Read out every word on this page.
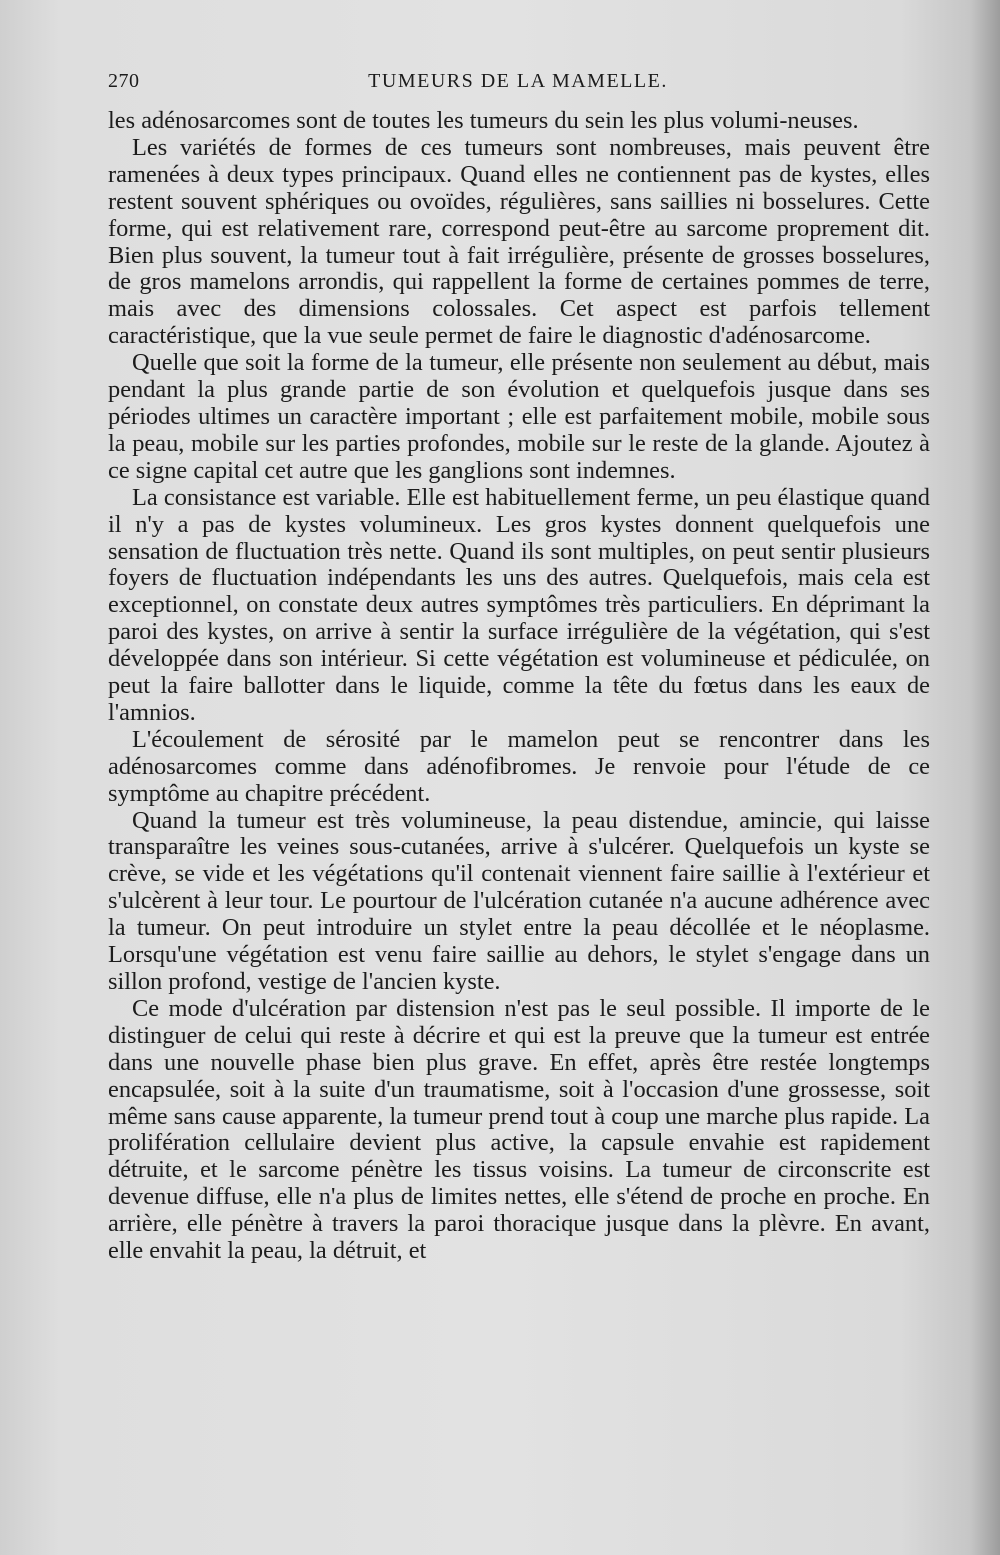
270	TUMEURS DE LA MAMELLE.

les adénosarcomes sont de toutes les tumeurs du sein les plus volumi-neuses.

Les variétés de formes de ces tumeurs sont nombreuses, mais peuvent être ramenées à deux types principaux. Quand elles ne contiennent pas de kystes, elles restent souvent sphériques ou ovoïdes, régulières, sans saillies ni bosselures. Cette forme, qui est relativement rare, correspond peut-être au sarcome proprement dit. Bien plus souvent, la tumeur tout à fait irrégulière, présente de grosses bosselures, de gros mamelons arrondis, qui rappellent la forme de certaines pommes de terre, mais avec des dimensions colossales. Cet aspect est parfois tellement caractéristique, que la vue seule permet de faire le diagnostic d'adénosarcome.

Quelle que soit la forme de la tumeur, elle présente non seulement au début, mais pendant la plus grande partie de son évolution et quelquefois jusque dans ses périodes ultimes un caractère important ; elle est parfaitement mobile, mobile sous la peau, mobile sur les parties profondes, mobile sur le reste de la glande. Ajoutez à ce signe capital cet autre que les ganglions sont indemnes.

La consistance est variable. Elle est habituellement ferme, un peu élastique quand il n'y a pas de kystes volumineux. Les gros kystes donnent quelquefois une sensation de fluctuation très nette. Quand ils sont multiples, on peut sentir plusieurs foyers de fluctuation indépendants les uns des autres. Quelquefois, mais cela est exceptionnel, on constate deux autres symptômes très particuliers. En déprimant la paroi des kystes, on arrive à sentir la surface irrégulière de la végétation, qui s'est développée dans son intérieur. Si cette végétation est volumineuse et pédiculée, on peut la faire ballotter dans le liquide, comme la tête du fœtus dans les eaux de l'amnios.

L'écoulement de sérosité par le mamelon peut se rencontrer dans les adénosarcomes comme dans adénofibromes. Je renvoie pour l'étude de ce symptôme au chapitre précédent.

Quand la tumeur est très volumineuse, la peau distendue, amincie, qui laisse transparaître les veines sous-cutanées, arrive à s'ulcérer. Quelquefois un kyste se crève, se vide et les végétations qu'il contenait viennent faire saillie à l'extérieur et s'ulcèrent à leur tour. Le pourtour de l'ulcération cutanée n'a aucune adhérence avec la tumeur. On peut introduire un stylet entre la peau décollée et le néoplasme. Lorsqu'une végétation est venu faire saillie au dehors, le stylet s'engage dans un sillon profond, vestige de l'ancien kyste.

Ce mode d'ulcération par distension n'est pas le seul possible. Il importe de le distinguer de celui qui reste à décrire et qui est la preuve que la tumeur est entrée dans une nouvelle phase bien plus grave. En effet, après être restée longtemps encapsulée, soit à la suite d'un traumatisme, soit à l'occasion d'une grossesse, soit même sans cause apparente, la tumeur prend tout à coup une marche plus rapide. La prolifération cellulaire devient plus active, la capsule envahie est rapidement détruite, et le sarcome pénètre les tissus voisins. La tumeur de circonscrite est devenue diffuse, elle n'a plus de limites nettes, elle s'étend de proche en proche. En arrière, elle pénètre à travers la paroi thoracique jusque dans la plèvre. En avant, elle envahit la peau, la détruit, et
